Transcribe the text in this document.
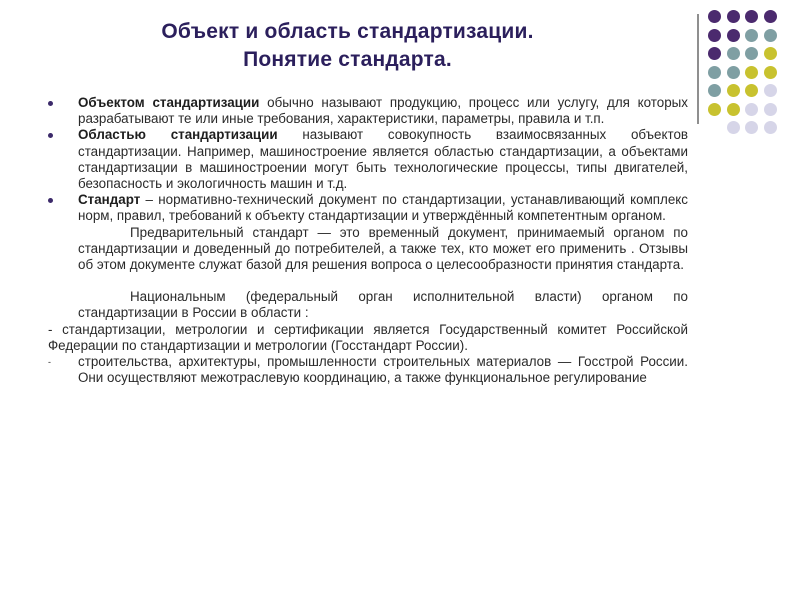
Объект и область стандартизации.
Понятие стандарта.
Объектом стандартизации обычно называют продукцию, процесс или услугу, для которых разрабатывают те или иные требования, характеристики, параметры, правила и т.п.
Областью стандартизации называют совокупность взаимосвязанных объектов стандартизации. Например, машиностроение является областью стандартизации, а объектами стандартизации в машиностроении могут быть технологические процессы, типы двигателей, безопасность и экологичность машин и т.д.
Стандарт – нормативно-технический документ по стандартизации, устанавливающий комплекс норм, правил, требований к объекту стандартизации и утверждённый компетентным органом.
Предварительный стандарт — это временный документ, принимаемый органом по стандартизации и доведенный до потребителей, а также тех, кто может его применить . Отзывы об этом документе служат базой для решения вопроса о целесообразности принятия стандарта.
Национальным (федеральный орган исполнительной власти) органом по стандартизации в России в области :
- стандартизации, метрологии и сертификации является Государственный комитет Российской Федерации по стандартизации и метрологии (Госстандарт России).
- строительства, архитектуры, промышленности строительных материалов — Госстрой России. Они осуществляют межотраслевую координацию, а также функциональное регулирование
